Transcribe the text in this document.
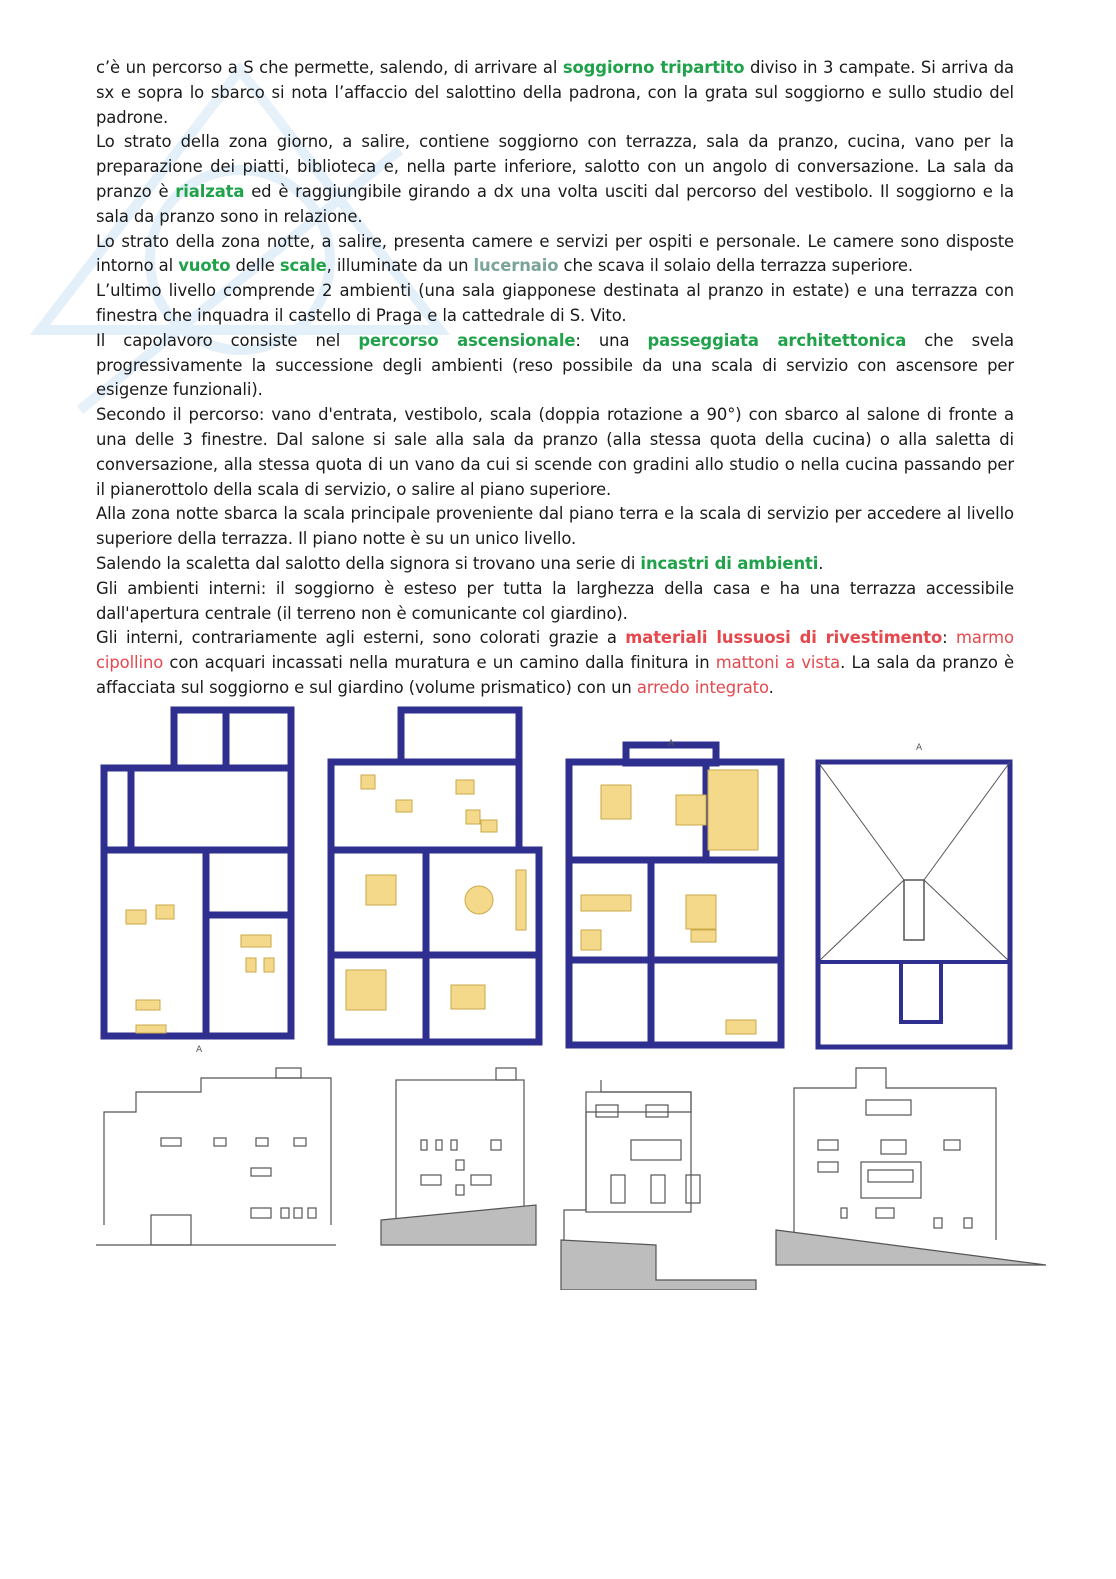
c’è un percorso a S che permette, salendo, di arrivare al soggiorno tripartito diviso in 3 campate. Si arriva da sx e sopra lo sbarco si nota l’affaccio del salottino della padrona, con la grata sul soggiorno e sullo studio del padrone.

Lo strato della zona giorno, a salire, contiene soggiorno con terrazza, sala da pranzo, cucina, vano per la preparazione dei piatti, biblioteca e, nella parte inferiore, salotto con un angolo di conversazione. La sala da pranzo è rialzata ed è raggiungibile girando a dx una volta usciti dal percorso del vestibolo. Il soggiorno e la sala da pranzo sono in relazione.

Lo strato della zona notte, a salire, presenta camere e servizi per ospiti e personale. Le camere sono disposte intorno al vuoto delle scale, illuminate da un lucernaio che scava il solaio della terrazza superiore.

L’ultimo livello comprende 2 ambienti (una sala giapponese destinata al pranzo in estate) e una terrazza con finestra che inquadra il castello di Praga e la cattedrale di S. Vito.

Il capolavoro consiste nel percorso ascensionale: una passeggiata architettonica che svela progressivamente la successione degli ambienti (reso possibile da una scala di servizio con ascensore per esigenze funzionali).

Secondo il percorso: vano d'entrata, vestibolo, scala (doppia rotazione a 90°) con sbarco al salone di fronte a una delle 3 finestre. Dal salone si sale alla sala da pranzo (alla stessa quota della cucina) o alla saletta di conversazione, alla stessa quota di un vano da cui si scende con gradini allo studio o nella cucina passando per il pianerottolo della scala di servizio, o salire al piano superiore.

Alla zona notte sbarca la scala principale proveniente dal piano terra e la scala di servizio per accedere al livello superiore della terrazza. Il piano notte è su un unico livello.

Salendo la scaletta dal salotto della signora si trovano una serie di incastri di ambienti.

Gli ambienti interni: il soggiorno è esteso per tutta la larghezza della casa e ha una terrazza accessibile dall'apertura centrale (il terreno non è comunicante col giardino).

Gli interni, contrariamente agli esterni, sono colorati grazie a materiali lussuosi di rivestimento: marmo cipollino con acquari incassati nella muratura e un camino dalla finitura in mattoni a vista. La sala da pranzo è affacciata sul soggiorno e sul giardino (volume prismatico) con un arredo integrato.

A
A	A
